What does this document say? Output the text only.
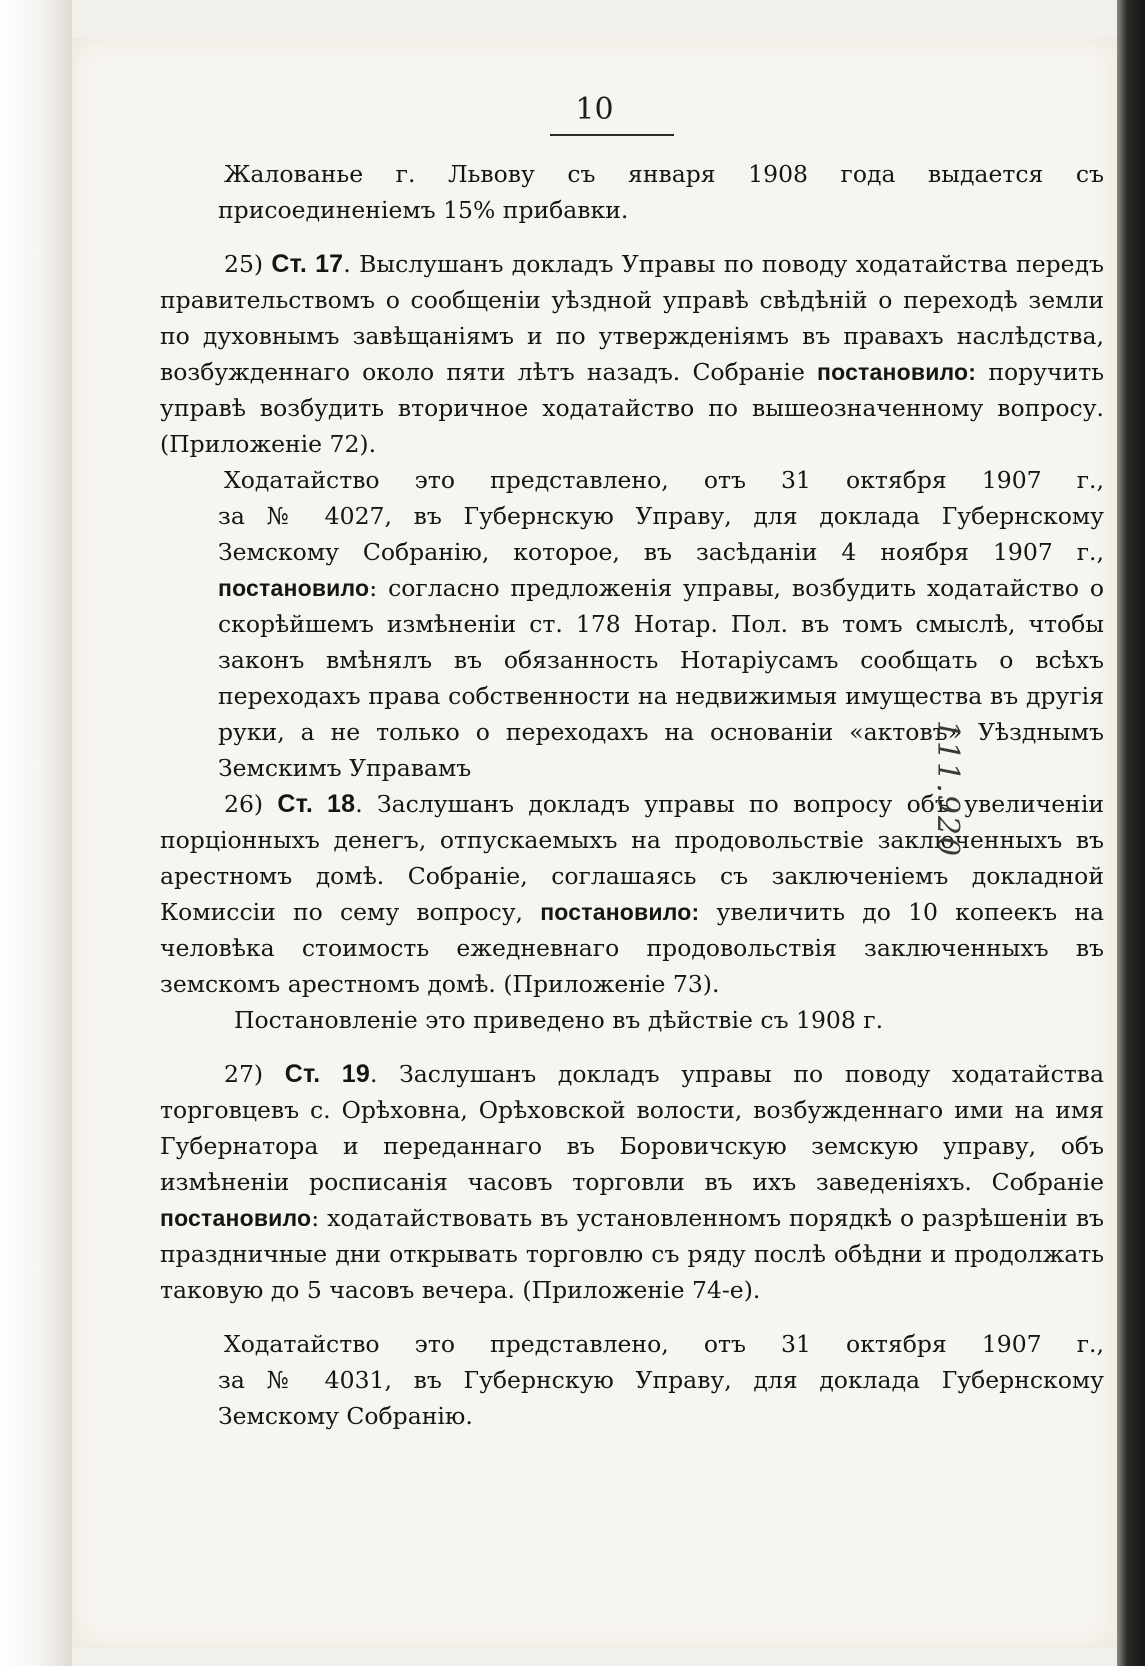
10

Жалованье г. Львову съ января 1908 года выдается съ
присоединеніемъ 15% прибавки.

25) Ст. 17. Выслушанъ докладъ Управы по поводу ходатайства передъ правительствомъ о сообщеніи уѣздной управѣ свѣдѣній о переходѣ земли по духовнымъ завѣщаніямъ и по утвержденіямъ въ правахъ наслѣдства, возбужденнаго около пяти лѣтъ назадъ. Собраніе постановило: поручить управѣ возбудить вторичное ходатайство по вышеозначенному вопросу. (Приложеніе 72).

Ходатайство это представлено, отъ 31 октября 1907 г.,
за № 4027, въ Губернскую Управу, для доклада Губернскому Земскому Собранію, которое, въ засѣданіи 4 ноября 1907 г., постановило: согласно предложенія управы, возбудить ходатайство о скорѣйшемъ измѣненіи ст. 178 Нотар. Пол. въ томъ смыслѣ, чтобы законъ вмѣнялъ въ обязанность Нотаріусамъ сообщать о всѣхъ переходахъ права собственности на недвижимыя имущества въ другія руки, а не только о переходахъ на основаніи «актовъ» Уѣзднымъ Земскимъ Управамъ

26) Ст. 18. Заслушанъ докладъ управы по вопросу объ увеличеніи порціонныхъ денегъ, отпускаемыхъ на продовольствіе заключенныхъ въ арестномъ домѣ. Собраніе, соглашаясь съ заключеніемъ докладной Комиссіи по сему вопросу, постановило: увеличить до 10 копеекъ на человѣка стоимость ежедневнаго продовольствія заключенныхъ въ земскомъ арестномъ домѣ. (Приложеніе 73).

Постановленіе это приведено въ дѣйствіе съ 1908 г.

27) Ст. 19. Заслушанъ докладъ управы по поводу ходатайства торговцевъ с. Орѣховна, Орѣховской волости, возбужденнаго ими на имя Губернатора и переданнаго въ Боровичскую земскую управу, объ измѣненіи росписанія часовъ торговли въ ихъ заведеніяхъ. Собраніе постановило: ходатайствовать въ установленномъ порядкѣ о разрѣшеніи въ праздничные дни открывать торговлю съ ряду послѣ обѣдни и продолжать таковую до 5 часовъ вечера. (Приложеніе 74-е).

Ходатайство это представлено, отъ 31 октября 1907 г.,
за № 4031, въ Губернскую Управу, для доклада Губернскому Земскому Собранію.

111.920
